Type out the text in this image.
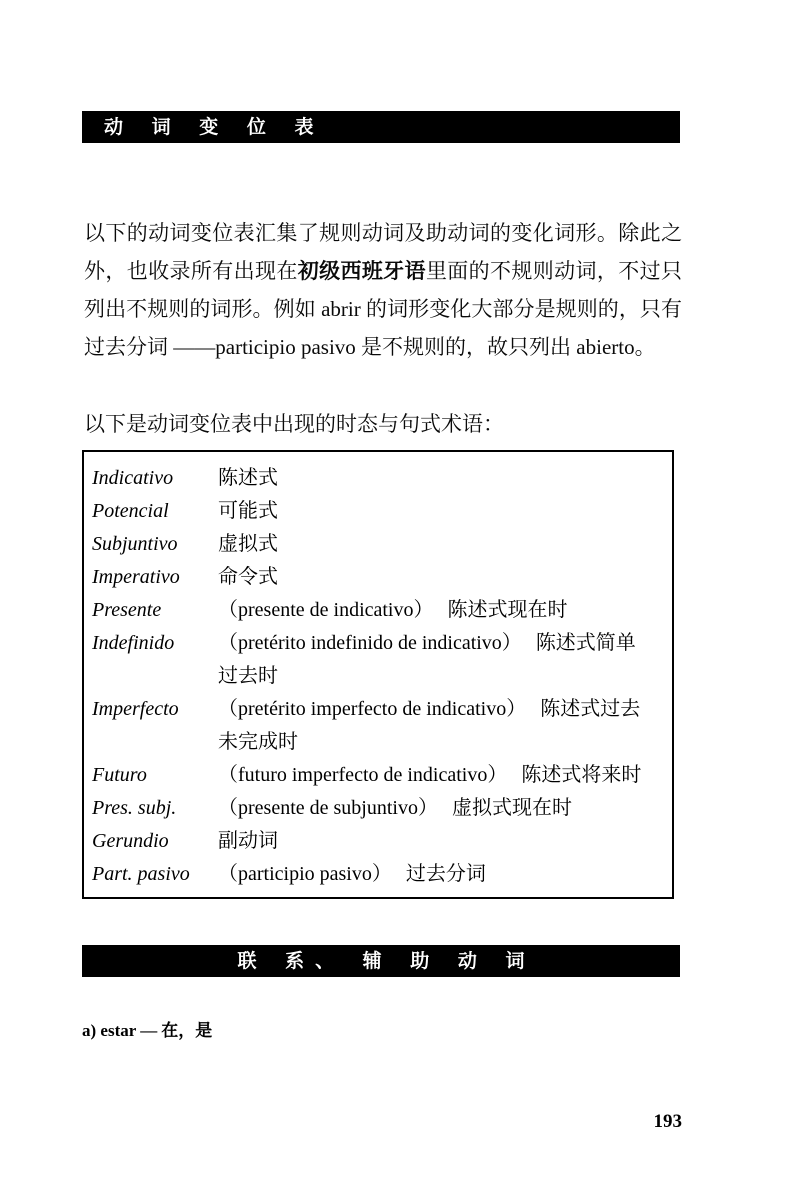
动 词 变 位 表
以下的动词变位表汇集了规则动词及助动词的变化词形。除此之外，也收录所有出现在初级西班牙语里面的不规则动词，不过只列出不规则的词形。例如 abrir 的词形变化大部分是规则的，只有过去分词 ——participio pasivo 是不规则的，故只列出 abierto。
以下是动词变位表中出现的时态与句式术语：
Indicativo	陈述式
Potencial	可能式
Subjuntivo	虚拟式
Imperativo	命令式
Presente	（presente de indicativo） 陈述式现在时
Indefinido	（pretérito indefinido de indicativo） 陈述式简单
过去时
Imperfecto	（pretérito imperfecto de indicativo） 陈述式过去
未完成时
Futuro	（futuro imperfecto de indicativo） 陈述式将来时
Pres. subj.	（presente de subjuntivo） 虚拟式现在时
Gerundio	副动词
Part. pasivo	（participio pasivo） 过去分词
联 系、 辅 助 动 词
a) estar — 在，是
193
